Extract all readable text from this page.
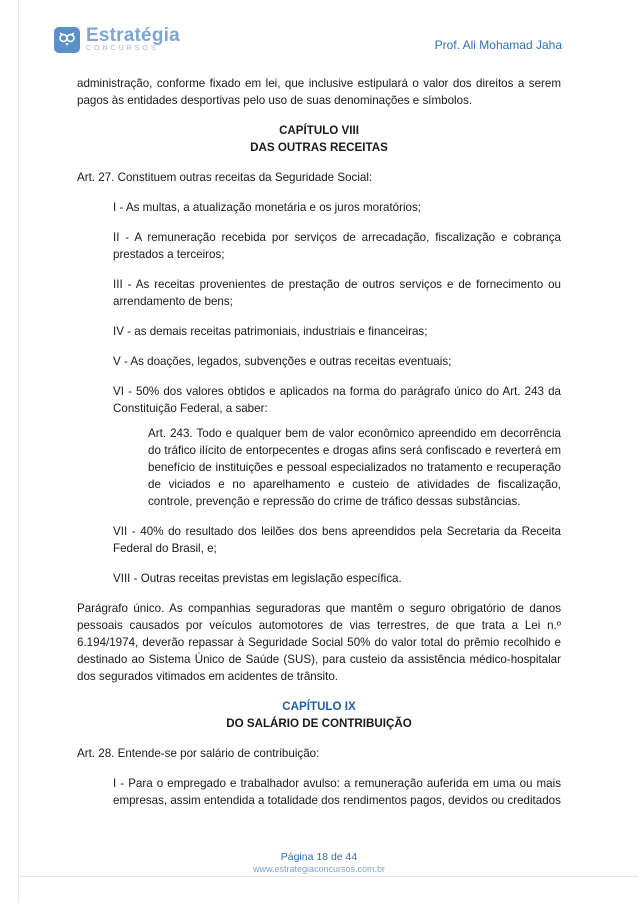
Estratégia
CONCURSOS	Prof. Ali Mohamad Jaha

administração, conforme fixado em lei, que inclusive estipulará o valor dos direitos a serem pagos às entidades desportivas pelo uso de suas denominações e símbolos.

CAPÍTULO VIII

DAS OUTRAS RECEITAS

Art. 27. Constituem outras receitas da Seguridade Social:

I - As multas, a atualização monetária e os juros moratórios;

II - A remuneração recebida por serviços de arrecadação, fiscalização e cobrança prestados a terceiros;

III - As receitas provenientes de prestação de outros serviços e de fornecimento ou arrendamento de bens;

IV - as demais receitas patrimoniais, industriais e financeiras;

V - As doações, legados, subvenções e outras receitas eventuais;

VI - 50% dos valores obtidos e aplicados na forma do parágrafo único do Art. 243 da Constituição Federal, a saber:

Art. 243. Todo e qualquer bem de valor econômico apreendido em decorrência do tráfico ilícito de entorpecentes e drogas afins será confiscado e reverterá em benefício de instituições e pessoal especializados no tratamento e recuperação de viciados e no aparelhamento e custeio de atividades de fiscalização, controle, prevenção e repressão do crime de tráfico dessas substâncias.

VII - 40% do resultado dos leilões dos bens apreendidos pela Secretaria da Receita Federal do Brasil, e;

VIII - Outras receitas previstas em legislação específica.

Parágrafo único. As companhias seguradoras que mantêm o seguro obrigatório de danos pessoais causados por veículos automotores de vias terrestres, de que trata a Lei n.º 6.194/1974, deverão repassar à Seguridade Social 50% do valor total do prêmio recolhido e destinado ao Sistema Único de Saúde (SUS), para custeio da assistência médico-hospitalar dos segurados vitimados em acidentes de trânsito.

CAPÍTULO IX

DO SALÁRIO DE CONTRIBUIÇÃO

Art. 28. Entende-se por salário de contribuição:

I - Para o empregado e trabalhador avulso: a remuneração auferida em uma ou mais empresas, assim entendida a totalidade dos rendimentos pagos, devidos ou creditados

Página 18 de 44
www.estrategiaconcursos.com.br
